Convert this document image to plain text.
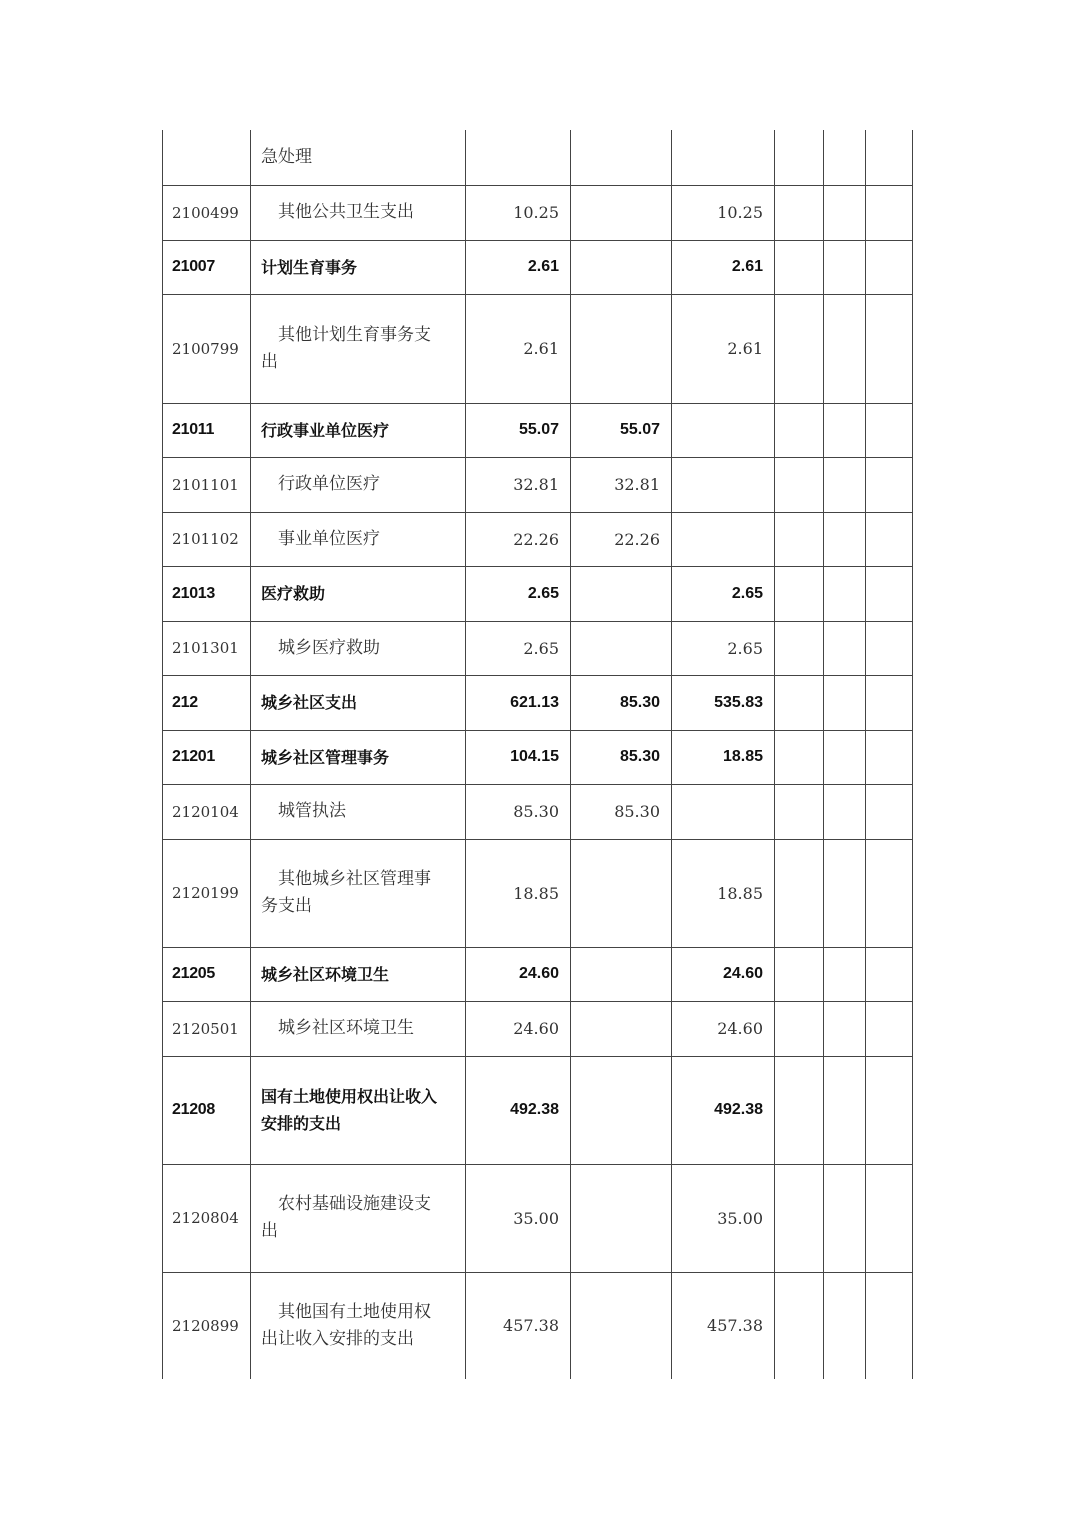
	急处理						
2100499	其他公共卫生支出	10.25		10.25			
21007	计划生育事务	2.61		2.61			
2100799	其他计划生育事务支出	2.61		2.61			
21011	行政事业单位医疗	55.07	55.07				
2101101	行政单位医疗	32.81	32.81				
2101102	事业单位医疗	22.26	22.26				
21013	医疗救助	2.65		2.65			
2101301	城乡医疗救助	2.65		2.65			
212	城乡社区支出	621.13	85.30	535.83			
21201	城乡社区管理事务	104.15	85.30	18.85			
2120104	城管执法	85.30	85.30				
2120199	其他城乡社区管理事务支出	18.85		18.85			
21205	城乡社区环境卫生	24.60		24.60			
2120501	城乡社区环境卫生	24.60		24.60			
21208	国有土地使用权出让收入安排的支出	492.38		492.38			
2120804	农村基础设施建设支出	35.00		35.00			
2120899	其他国有土地使用权出让收入安排的支出	457.38		457.38			
